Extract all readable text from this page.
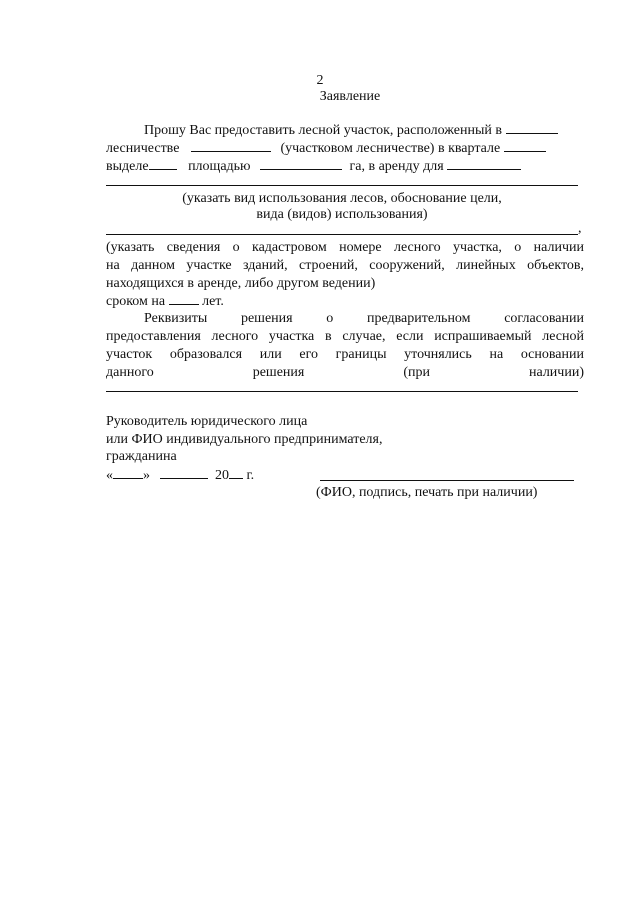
2
Заявление
Прошу Вас предоставить лесной участок, расположенный в
лесничестве	(участковом лесничестве) в квартале
выделе	площадью	га, в аренду для
(указать вид использования лесов, обоснование цели,
вида (видов) использования)
,
(указать сведения о кадастровом номере лесного участка, о наличии
на данном участке зданий, строений, сооружений, линейных объектов,
находящихся в аренде, либо другом ведении)
сроком на	лет.
Реквизиты решения о предварительном согласовании
предоставления лесного участка в случае, если испрашиваемый лесной
участок образовался или его границы уточнялись на основании
данного решения (при наличии)
Руководитель юридического лица
или ФИО индивидуального предпринимателя,
гражданина
« »	20 г.
(ФИО, подпись, печать при наличии)
